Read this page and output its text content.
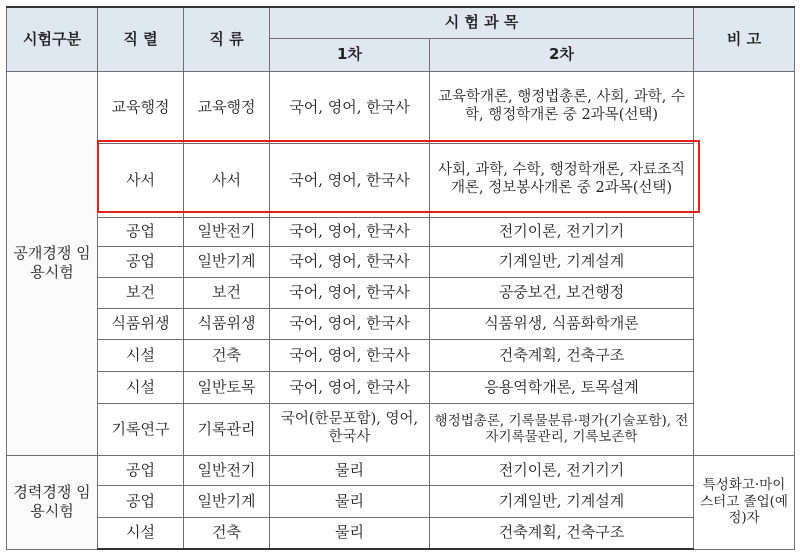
시험구분	직 렬	직 류	시 험 과 목		비 고
			1차	2차	
공개경쟁 임용시험	교육행정	교육행정	국어, 영어, 한국사	교육학개론, 행정법총론, 사회, 과학, 수학, 행정학개론 중 2과목(선택)	
	사서	사서	국어, 영어, 한국사	사회, 과학, 수학, 행정학개론, 자료조직개론, 정보봉사개론 중 2과목(선택)	
	공업	일반전기	국어, 영어, 한국사	전기이론, 전기기기	
	공업	일반기계	국어, 영어, 한국사	기계일반, 기계설계	
	보건	보건	국어, 영어, 한국사	공중보건, 보건행정	
	식품위생	식품위생	국어, 영어, 한국사	식품위생, 식품화학개론	
	시설	건축	국어, 영어, 한국사	건축계획, 건축구조	
	시설	일반토목	국어, 영어, 한국사	응용역학개론, 토목설계	
	기록연구	기록관리	국어(한문포함), 영어, 한국사	행정법총론, 기록물분류·평가(기술포함), 전자기록물관리, 기록보존학	
경력경쟁 임용시험	공업	일반전기	물리	전기이론, 전기기기	특성화고·마이스터고 졸업(예정)자
	공업	일반기계	물리	기계일반, 기계설계	
	시설	건축	물리	건축계획, 건축구조	
